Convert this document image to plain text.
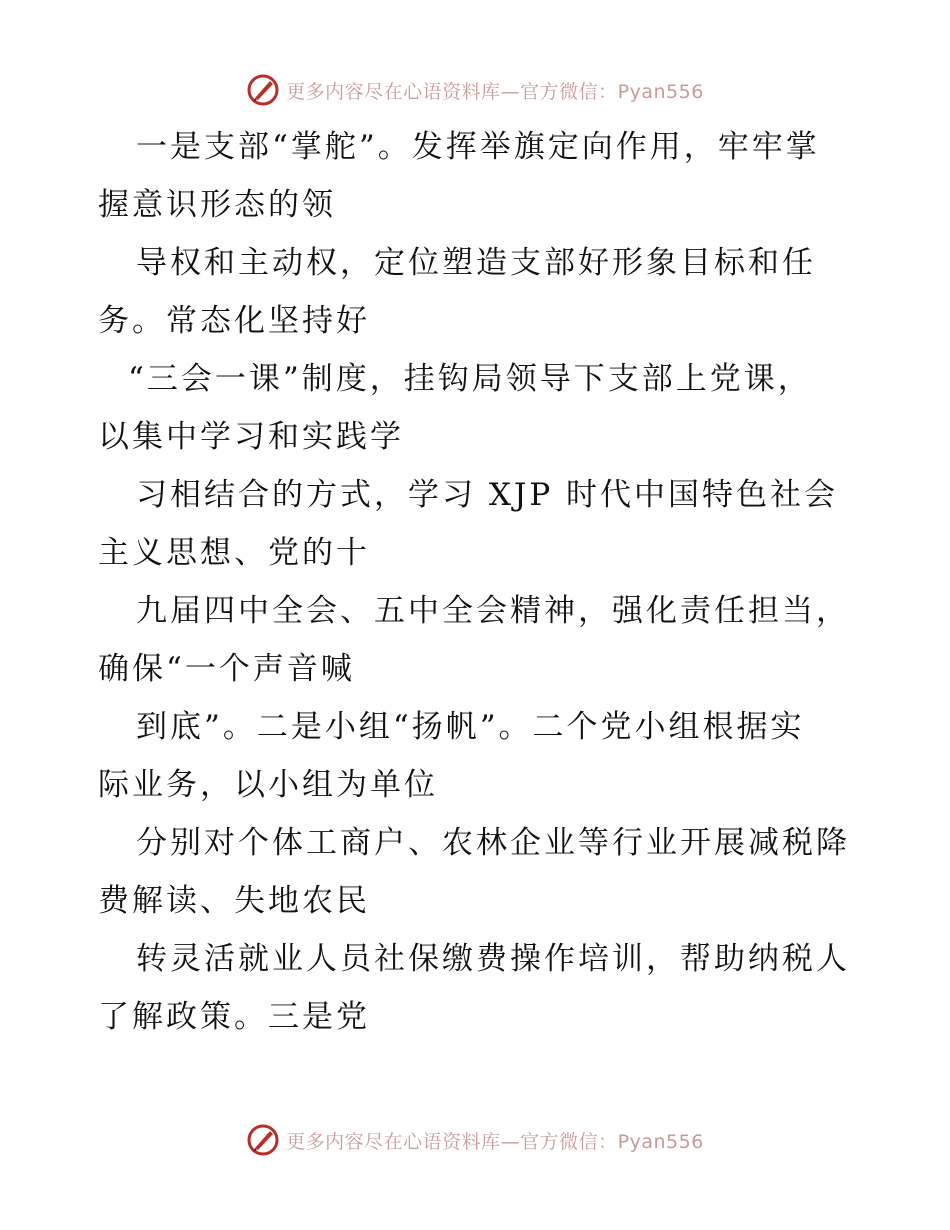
更多内容尽在心语资料库—官方微信：Pyan556

一是支部“掌舵”。发挥举旗定向作用，牢牢掌

握意识形态的领

导权和主动权，定位塑造支部好形象目标和任

务。常态化坚持好

“三会一课”制度，挂钩局领导下支部上党课，

以集中学习和实践学

习相结合的方式，学习 XJP 时代中国特色社会

主义思想、党的十

九届四中全会、五中全会精神，强化责任担当，

确保“一个声音喊

到底”。二是小组“扬帆”。二个党小组根据实

际业务，以小组为单位

分别对个体工商户、农林企业等行业开展减税降

费解读、失地农民

转灵活就业人员社保缴费操作培训，帮助纳税人

了解政策。三是党

更多内容尽在心语资料库—官方微信：Pyan556
